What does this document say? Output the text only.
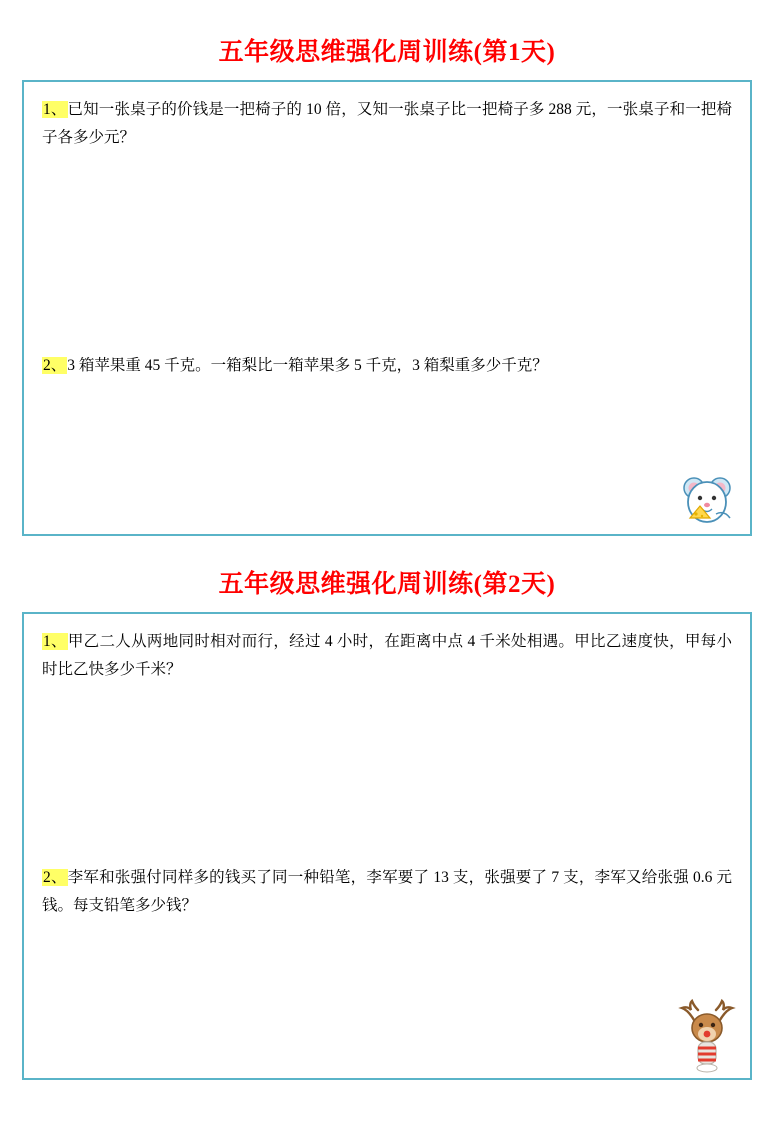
五年级思维强化周训练(第1天)

1、已知一张桌子的价钱是一把椅子的 10 倍，又知一张桌子比一把椅子多 288 元，一张桌子和一把椅子各多少元？

2、3 箱苹果重 45 千克。一箱梨比一箱苹果多 5 千克，3 箱梨重多少千克？

五年级思维强化周训练(第2天)

1、甲乙二人从两地同时相对而行，经过 4 小时，在距离中点 4 千米处相遇。甲比乙速度快，甲每小时比乙快多少千米？

2、李军和张强付同样多的钱买了同一种铅笔，李军要了 13 支，张强要了 7 支，李军又给张强 0.6 元钱。每支铅笔多少钱？
